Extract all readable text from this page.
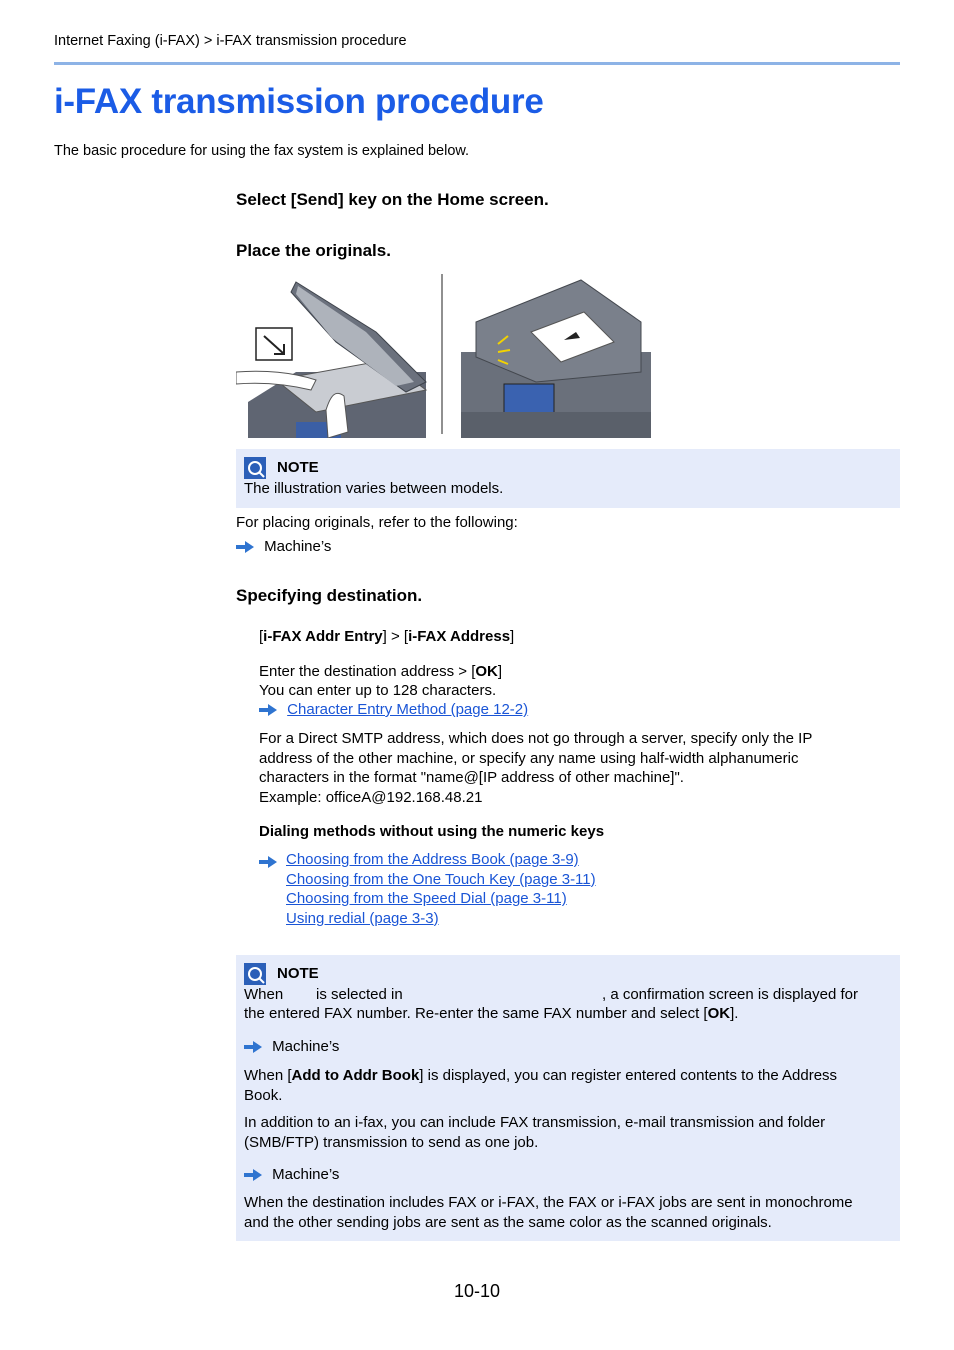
Internet Faxing (i-FAX) > i-FAX transmission procedure
i-FAX transmission procedure
The basic procedure for using the fax system is explained below.
Select [Send] key on the Home screen.
Place the originals.
NOTE
The illustration varies between models.
For placing originals, refer to the following:
Machine’s
Specifying destination.
[i-FAX Addr Entry] > [i-FAX Address]
Enter the destination address > [OK]
You can enter up to 128 characters.
Character Entry Method (page 12-2)
For a Direct SMTP address, which does not go through a server, specify only the IP
address of the other machine, or specify any name using half-width alphanumeric
characters in the format "name@[IP address of other machine]".
Example: officeA@192.168.48.21
Dialing methods without using the numeric keys
Choosing from the Address Book (page 3-9)
Choosing from the One Touch Key (page 3-11)
Choosing from the Speed Dial (page 3-11)
Using redial (page 3-3)
NOTE
When is selected in	, a confirmation screen is displayed for
the entered FAX number. Re-enter the same FAX number and select [OK].
Machine’s
When [Add to Addr Book] is displayed, you can register entered contents to the Address
Book.
In addition to an i-fax, you can include FAX transmission, e-mail transmission and folder
(SMB/FTP) transmission to send as one job.
Machine’s
When the destination includes FAX or i-FAX, the FAX or i-FAX jobs are sent in monochrome
and the other sending jobs are sent as the same color as the scanned originals.
10-10
